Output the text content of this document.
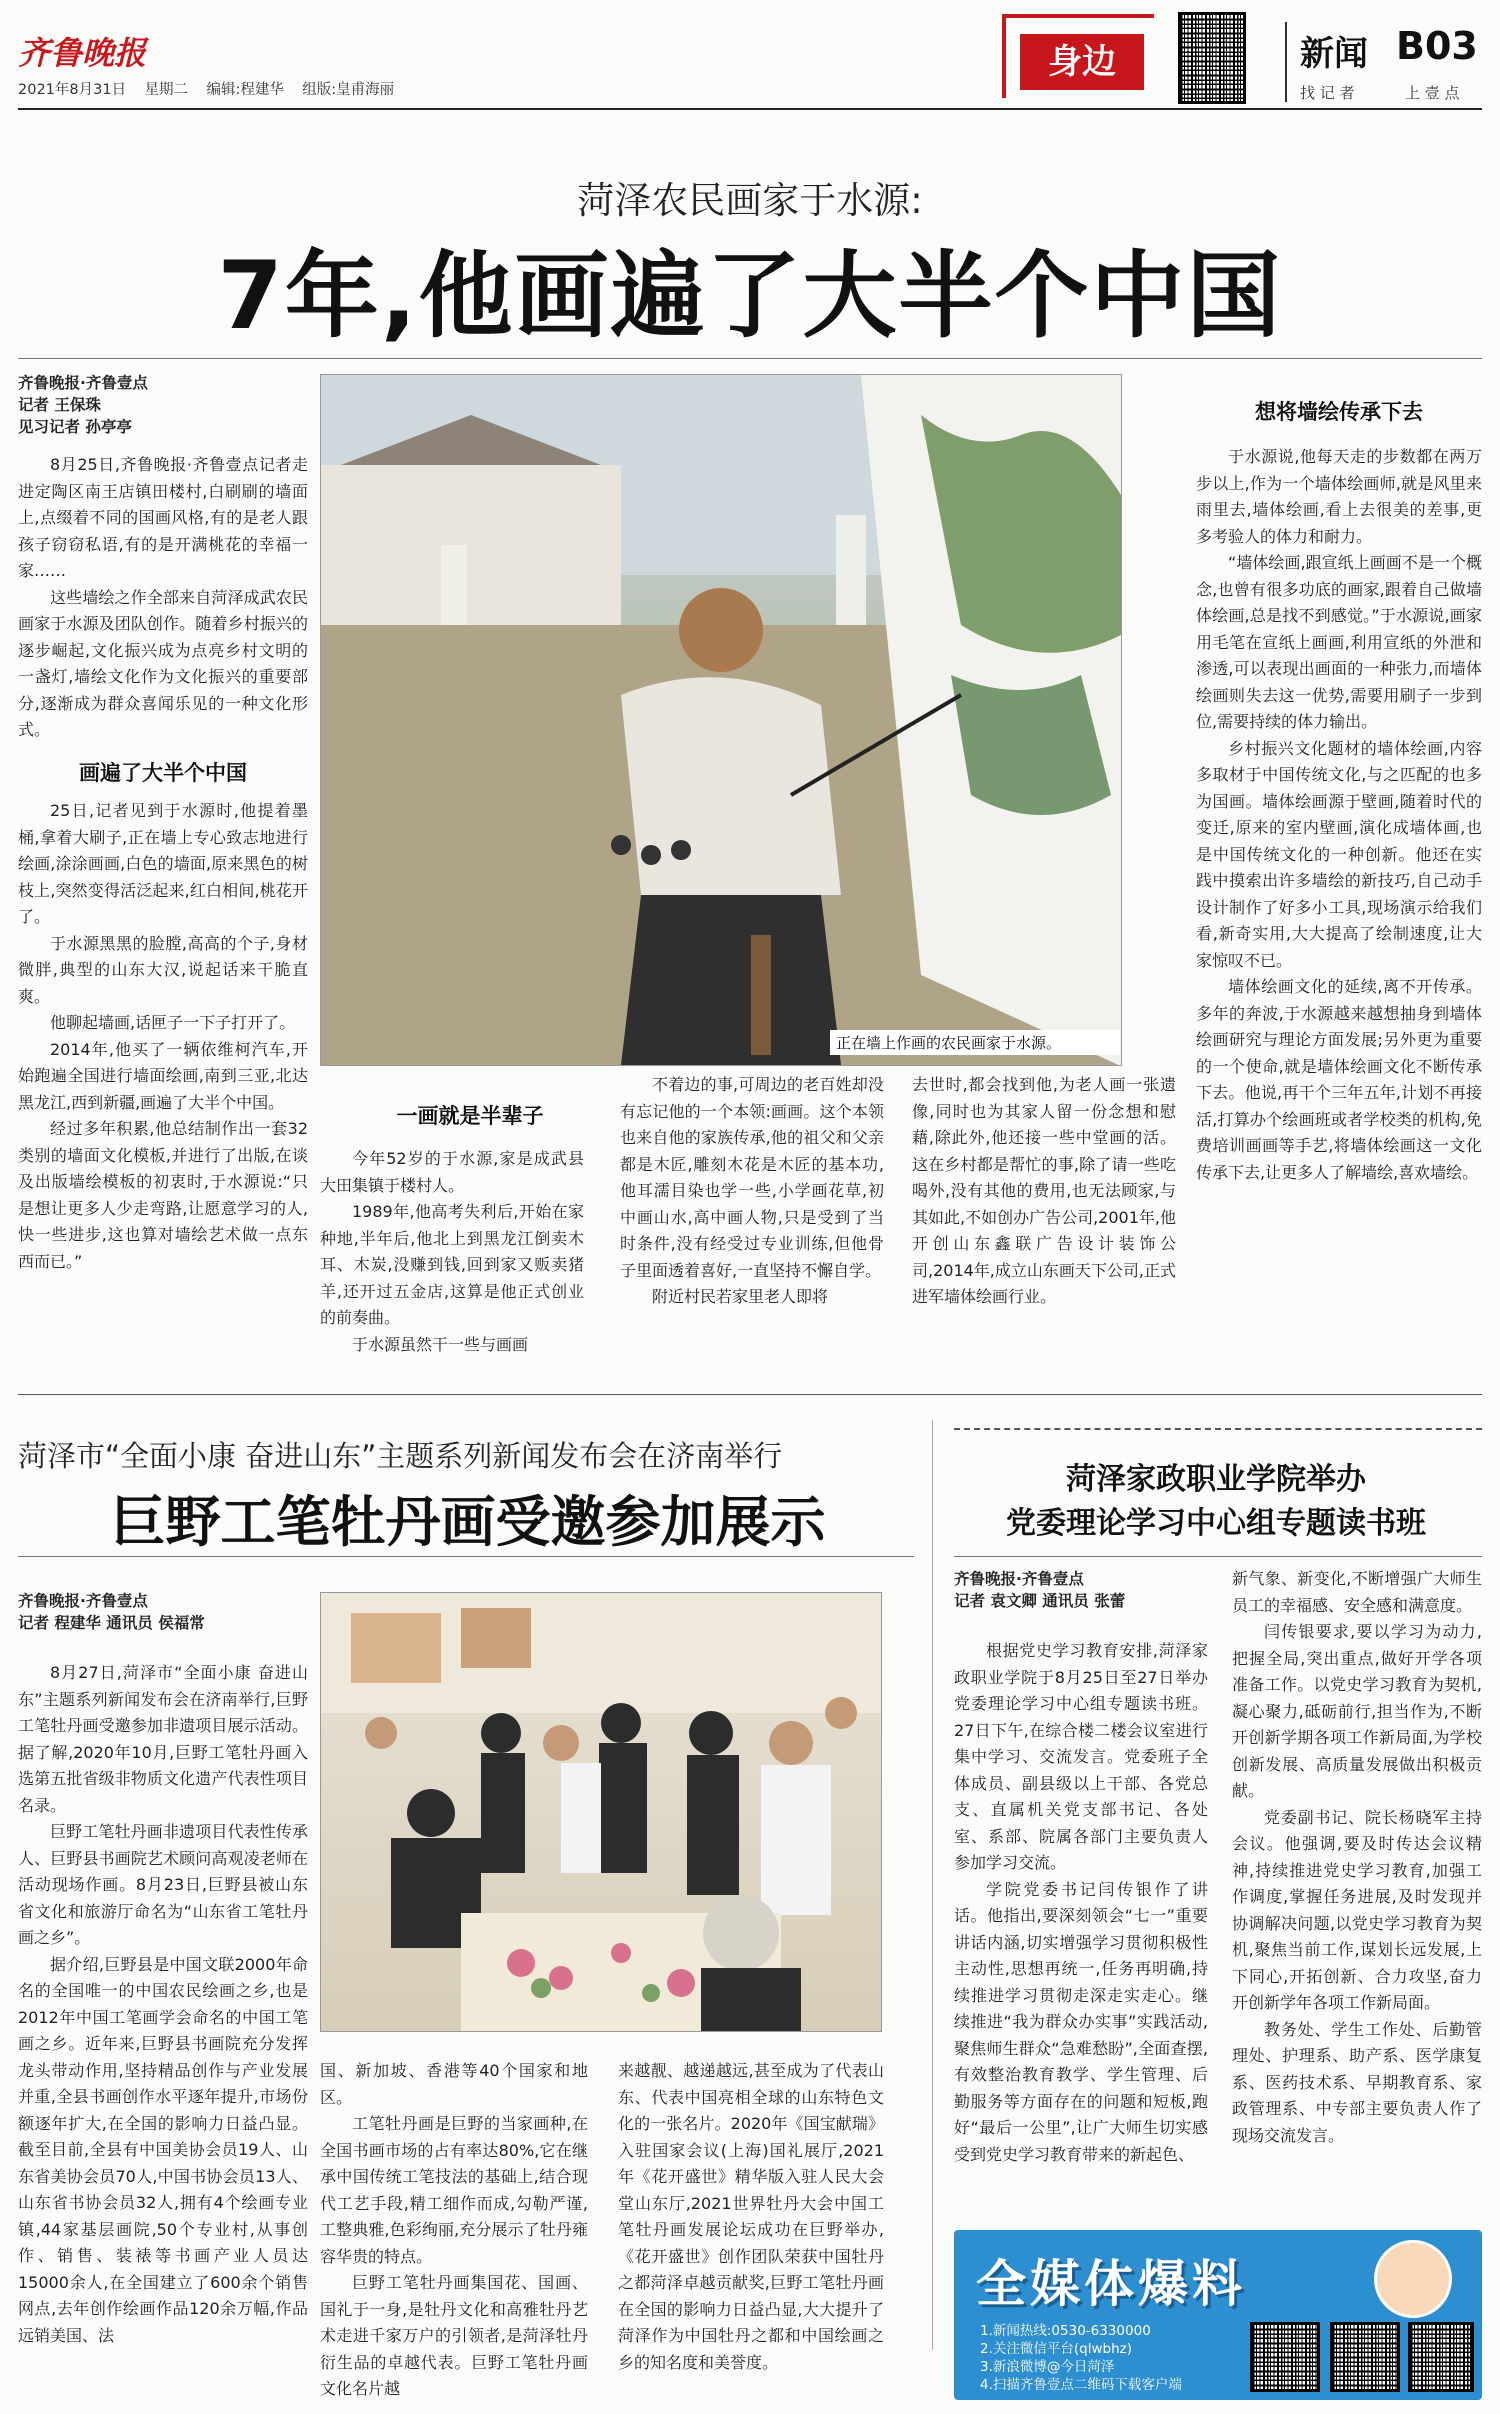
齐鲁晚报
2021年8月31日 星期二 编辑:程建华 组版:皇甫海丽
身边	新闻 B03
找 记 者	上 壹 点
菏泽农民画家于水源:
7年,他画遍了大半个中国
齐鲁晚报·齐鲁壹点
记者 王保珠
见习记者 孙亭亭

8月25日,齐鲁晚报·齐鲁壹点记者走进定陶区南王店镇田楼村,白刷刷的墙面上,点缀着不同的国画风格,有的是老人跟孩子窃窃私语,有的是开满桃花的幸福一家……

这些墙绘之作全部来自菏泽成武农民画家于水源及团队创作。随着乡村振兴的逐步崛起,文化振兴成为点亮乡村文明的一盏灯,墙绘文化作为文化振兴的重要部分,逐渐成为群众喜闻乐见的一种文化形式。

画遍了大半个中国

25日,记者见到于水源时,他提着墨桶,拿着大刷子,正在墙上专心致志地进行绘画,涂涂画画,白色的墙面,原来黑色的树枝上,突然变得活泛起来,红白相间,桃花开了。

于水源黑黑的脸膛,高高的个子,身材微胖,典型的山东大汉,说起话来干脆直爽。

他聊起墙画,话匣子一下子打开了。

2014年,他买了一辆依维柯汽车,开始跑遍全国进行墙面绘画,南到三亚,北达黑龙江,西到新疆,画遍了大半个中国。

经过多年积累,他总结制作出一套32类别的墙面文化模板,并进行了出版,在谈及出版墙绘模板的初衷时,于水源说:“只是想让更多人少走弯路,让愿意学习的人,快一些进步,这也算对墙绘艺术做一点东西而已。”

正在墙上作画的农民画家于水源。
一画就是半辈子

今年52岁的于水源,家是成武县大田集镇于楼村人。

1989年,他高考失利后,开始在家种地,半年后,他北上到黑龙江倒卖木耳、木炭,没赚到钱,回到家又贩卖猪羊,还开过五金店,这算是他正式创业的前奏曲。

于水源虽然干一些与画画

不着边的事,可周边的老百姓却没有忘记他的一个本领:画画。这个本领也来自他的家族传承,他的祖父和父亲都是木匠,雕刻木花是木匠的基本功,他耳濡目染也学一些,小学画花草,初中画山水,高中画人物,只是受到了当时条件,没有经受过专业训练,但他骨子里面透着喜好,一直坚持不懈自学。

附近村民若家里老人即将

去世时,都会找到他,为老人画一张遗像,同时也为其家人留一份念想和慰藉,除此外,他还接一些中堂画的活。这在乡村都是帮忙的事,除了请一些吃喝外,没有其他的费用,也无法顾家,与其如此,不如创办广告公司,2001年,他开创山东鑫联广告设计装饰公司,2014年,成立山东画天下公司,正式进军墙体绘画行业。

想将墙绘传承下去

于水源说,他每天走的步数都在两万步以上,作为一个墙体绘画师,就是风里来雨里去,墙体绘画,看上去很美的差事,更多考验人的体力和耐力。

“墙体绘画,跟宣纸上画画不是一个概念,也曾有很多功底的画家,跟着自己做墙体绘画,总是找不到感觉。”于水源说,画家用毛笔在宣纸上画画,利用宣纸的外泄和渗透,可以表现出画面的一种张力,而墙体绘画则失去这一优势,需要用刷子一步到位,需要持续的体力输出。

乡村振兴文化题材的墙体绘画,内容多取材于中国传统文化,与之匹配的也多为国画。墙体绘画源于壁画,随着时代的变迁,原来的室内壁画,演化成墙体画,也是中国传统文化的一种创新。他还在实践中摸索出许多墙绘的新技巧,自己动手设计制作了好多小工具,现场演示给我们看,新奇实用,大大提高了绘制速度,让大家惊叹不已。

墙体绘画文化的延续,离不开传承。多年的奔波,于水源越来越想抽身到墙体绘画研究与理论方面发展;另外更为重要的一个使命,就是墙体绘画文化不断传承下去。他说,再干个三年五年,计划不再接活,打算办个绘画班或者学校类的机构,免费培训画画等手艺,将墙体绘画这一文化传承下去,让更多人了解墙绘,喜欢墙绘。

菏泽市“全面小康 奋进山东”主题系列新闻发布会在济南举行
巨野工笔牡丹画受邀参加展示
齐鲁晚报·齐鲁壹点
记者 程建华 通讯员 侯福常

8月27日,菏泽市“全面小康 奋进山东”主题系列新闻发布会在济南举行,巨野工笔牡丹画受邀参加非遗项目展示活动。据了解,2020年10月,巨野工笔牡丹画入选第五批省级非物质文化遗产代表性项目名录。

巨野工笔牡丹画非遗项目代表性传承人、巨野县书画院艺术顾问高观凌老师在活动现场作画。8月23日,巨野县被山东省文化和旅游厅命名为“山东省工笔牡丹画之乡”。

据介绍,巨野县是中国文联2000年命名的全国唯一的中国农民绘画之乡,也是2012年中国工笔画学会命名的中国工笔画之乡。近年来,巨野县书画院充分发挥龙头带动作用,坚持精品创作与产业发展并重,全县书画创作水平逐年提升,市场份额逐年扩大,在全国的影响力日益凸显。截至目前,全县有中国美协会员19人、山东省美协会员70人,中国书协会员13人、山东省书协会员32人,拥有4个绘画专业镇,44家基层画院,50个专业村,从事创作、销售、装裱等书画产业人员达15000余人,在全国建立了600余个销售网点,去年创作绘画作品120余万幅,作品远销美国、法

国、新加坡、香港等40个国家和地区。

工笔牡丹画是巨野的当家画种,在全国书画市场的占有率达80%,它在继承中国传统工笔技法的基础上,结合现代工艺手段,精工细作而成,勾勒严谨,工整典雅,色彩绚丽,充分展示了牡丹雍容华贵的特点。

巨野工笔牡丹画集国花、国画、国礼于一身,是牡丹文化和高雅牡丹艺术走进千家万户的引领者,是菏泽牡丹衍生品的卓越代表。巨野工笔牡丹画文化名片越

来越靓、越递越远,甚至成为了代表山东、代表中国亮相全球的山东特色文化的一张名片。2020年《国宝献瑞》入驻国家会议(上海)国礼展厅,2021年《花开盛世》精华版入驻人民大会堂山东厅,2021世界牡丹大会中国工笔牡丹画发展论坛成功在巨野举办,《花开盛世》创作团队荣获中国牡丹之都菏泽卓越贡献奖,巨野工笔牡丹画在全国的影响力日益凸显,大大提升了菏泽作为中国牡丹之都和中国绘画之乡的知名度和美誉度。

菏泽家政职业学院举办
党委理论学习中心组专题读书班
齐鲁晚报·齐鲁壹点
记者 袁文卿 通讯员 张蕾

根据党史学习教育安排,菏泽家政职业学院于8月25日至27日举办党委理论学习中心组专题读书班。27日下午,在综合楼二楼会议室进行集中学习、交流发言。党委班子全体成员、副县级以上干部、各党总支、直属机关党支部书记、各处室、系部、院属各部门主要负责人参加学习交流。

学院党委书记闫传银作了讲话。他指出,要深刻领会“七一”重要讲话内涵,切实增强学习贯彻积极性主动性,思想再统一,任务再明确,持续推进学习贯彻走深走实走心。继续推进“我为群众办实事”实践活动,聚焦师生群众“急难愁盼”,全面查摆,有效整治教育教学、学生管理、后勤服务等方面存在的问题和短板,跑好“最后一公里”,让广大师生切实感受到党史学习教育带来的新起色、

新气象、新变化,不断增强广大师生员工的幸福感、安全感和满意度。

闫传银要求,要以学习为动力,把握全局,突出重点,做好开学各项准备工作。以党史学习教育为契机,凝心聚力,砥砺前行,担当作为,不断开创新学期各项工作新局面,为学校创新发展、高质量发展做出积极贡献。

党委副书记、院长杨晓军主持会议。他强调,要及时传达会议精神,持续推进党史学习教育,加强工作调度,掌握任务进展,及时发现并协调解决问题,以党史学习教育为契机,聚焦当前工作,谋划长远发展,上下同心,开拓创新、合力攻坚,奋力开创新学年各项工作新局面。

教务处、学生工作处、后勤管理处、护理系、助产系、医学康复系、医药技术系、早期教育系、家政管理系、中专部主要负责人作了现场交流发言。

全媒体爆料
1.新闻热线:0530-6330000
2.关注微信平台(qlwbhz)
3.新浪微博@今日菏泽
4.扫描齐鲁壹点二维码下载客户端
